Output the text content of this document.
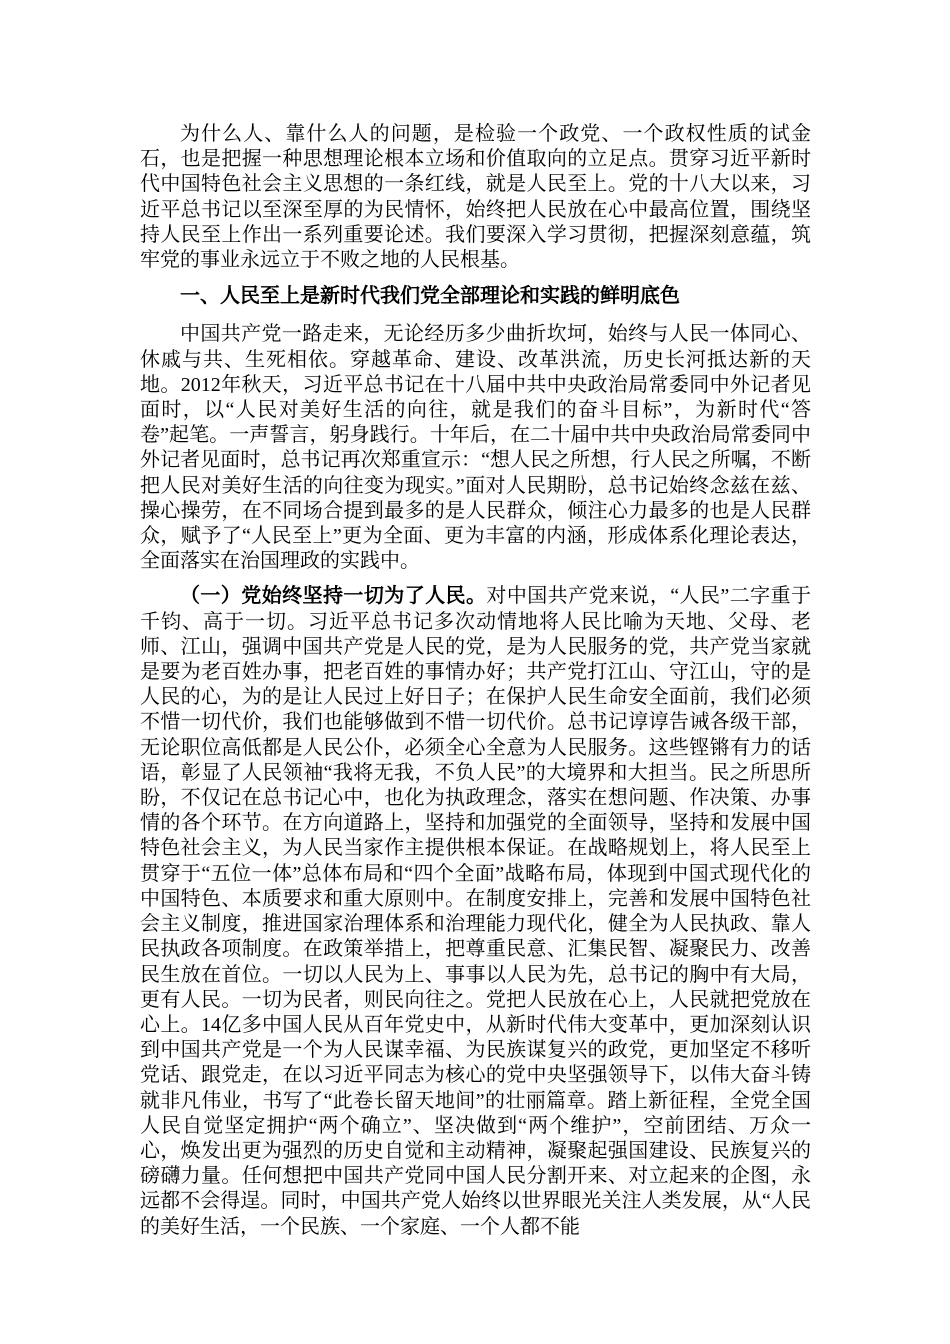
为什么人、靠什么人的问题，是检验一个政党、一个政权性质的试金石，也是把握一种思想理论根本立场和价值取向的立足点。贯穿习近平新时代中国特色社会主义思想的一条红线，就是人民至上。党的十八大以来，习近平总书记以至深至厚的为民情怀，始终把人民放在心中最高位置，围绕坚持人民至上作出一系列重要论述。我们要深入学习贯彻，把握深刻意蕴，筑牢党的事业永远立于不败之地的人民根基。

一、人民至上是新时代我们党全部理论和实践的鲜明底色

中国共产党一路走来，无论经历多少曲折坎坷，始终与人民一体同心、休戚与共、生死相依。穿越革命、建设、改革洪流，历史长河抵达新的天地。2012年秋天，习近平总书记在十八届中共中央政治局常委同中外记者见面时，以“人民对美好生活的向往，就是我们的奋斗目标”，为新时代“答卷”起笔。一声誓言，躬身践行。十年后，在二十届中共中央政治局常委同中外记者见面时，总书记再次郑重宣示：“想人民之所想，行人民之所嘱，不断把人民对美好生活的向往变为现实。”面对人民期盼，总书记始终念兹在兹、操心操劳，在不同场合提到最多的是人民群众，倾注心力最多的也是人民群众，赋予了“人民至上”更为全面、更为丰富的内涵，形成体系化理论表达，全面落实在治国理政的实践中。

（一）党始终坚持一切为了人民。对中国共产党来说，“人民”二字重于千钧、高于一切。习近平总书记多次动情地将人民比喻为天地、父母、老师、江山，强调中国共产党是人民的党，是为人民服务的党，共产党当家就是要为老百姓办事，把老百姓的事情办好；共产党打江山、守江山，守的是人民的心，为的是让人民过上好日子；在保护人民生命安全面前，我们必须不惜一切代价，我们也能够做到不惜一切代价。总书记谆谆告诫各级干部，无论职位高低都是人民公仆，必须全心全意为人民服务。这些铿锵有力的话语，彰显了人民领袖“我将无我，不负人民”的大境界和大担当。民之所思所盼，不仅记在总书记心中，也化为执政理念，落实在想问题、作决策、办事情的各个环节。在方向道路上，坚持和加强党的全面领导，坚持和发展中国特色社会主义，为人民当家作主提供根本保证。在战略规划上，将人民至上贯穿于“五位一体”总体布局和“四个全面”战略布局，体现到中国式现代化的中国特色、本质要求和重大原则中。在制度安排上，完善和发展中国特色社会主义制度，推进国家治理体系和治理能力现代化，健全为人民执政、靠人民执政各项制度。在政策举措上，把尊重民意、汇集民智、凝聚民力、改善民生放在首位。一切以人民为上、事事以人民为先，总书记的胸中有大局，更有人民。一切为民者，则民向往之。党把人民放在心上，人民就把党放在心上。14亿多中国人民从百年党史中，从新时代伟大变革中，更加深刻认识到中国共产党是一个为人民谋幸福、为民族谋复兴的政党，更加坚定不移听党话、跟党走，在以习近平同志为核心的党中央坚强领导下，以伟大奋斗铸就非凡伟业，书写了“此卷长留天地间”的壮丽篇章。踏上新征程，全党全国人民自觉坚定拥护“两个确立”、坚决做到“两个维护”，空前团结、万众一心，焕发出更为强烈的历史自觉和主动精神，凝聚起强国建设、民族复兴的磅礴力量。任何想把中国共产党同中国人民分割开来、对立起来的企图，永远都不会得逞。同时，中国共产党人始终以世界眼光关注人类发展，从“人民的美好生活，一个民族、一个家庭、一个人都不能
